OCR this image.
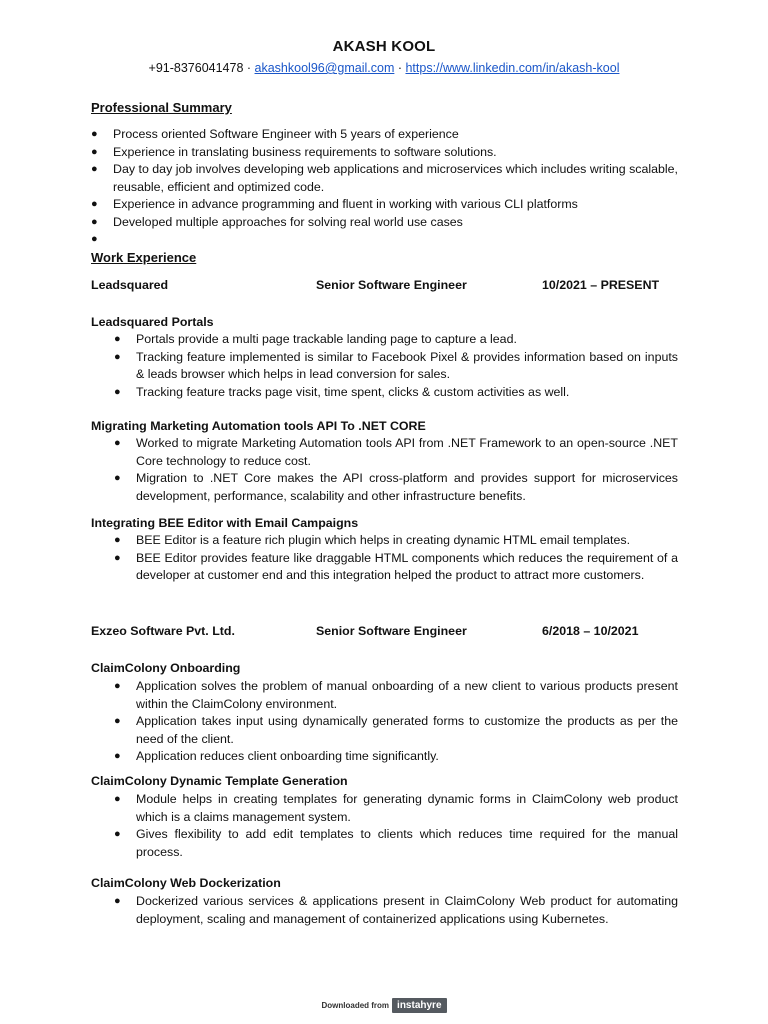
AKASH KOOL
+91-8376041478 · akashkool96@gmail.com · https://www.linkedin.com/in/akash-kool
Professional Summary
● Process oriented Software Engineer with 5 years of experience
● Experience in translating business requirements to software solutions.
● Day to day job involves developing web applications and microservices which includes writing scalable, reusable, efficient and optimized code.
● Experience in advance programming and fluent in working with various CLI platforms
● Developed multiple approaches for solving real world use cases
●

Work Experience
Leadsquared	Senior Software Engineer	10/2021 – PRESENT
Leadsquared Portals
● Portals provide a multi page trackable landing page to capture a lead.
● Tracking feature implemented is similar to Facebook Pixel & provides information based on inputs & leads browser which helps in lead conversion for sales.
● Tracking feature tracks page visit, time spent, clicks & custom activities as well.
Migrating Marketing Automation tools API To .NET CORE
● Worked to migrate Marketing Automation tools API from .NET Framework to an open-source .NET Core technology to reduce cost.
● Migration to .NET Core makes the API cross-platform and provides support for microservices development, performance, scalability and other infrastructure benefits.
Integrating BEE Editor with Email Campaigns
● BEE Editor is a feature rich plugin which helps in creating dynamic HTML email templates.
● BEE Editor provides feature like draggable HTML components which reduces the requirement of a developer at customer end and this integration helped the product to attract more customers.
Exzeo Software Pvt. Ltd.	Senior Software Engineer	6/2018 – 10/2021
ClaimColony Onboarding
● Application solves the problem of manual onboarding of a new client to various products present within the ClaimColony environment.
● Application takes input using dynamically generated forms to customize the products as per the need of the client.
● Application reduces client onboarding time significantly.
ClaimColony Dynamic Template Generation
● Module helps in creating templates for generating dynamic forms in ClaimColony web product which is a claims management system.
● Gives flexibility to add edit templates to clients which reduces time required for the manual process.
ClaimColony Web Dockerization
● Dockerized various services & applications present in ClaimColony Web product for automating deployment, scaling and management of containerized applications using Kubernetes.
Downloaded from instahyre
